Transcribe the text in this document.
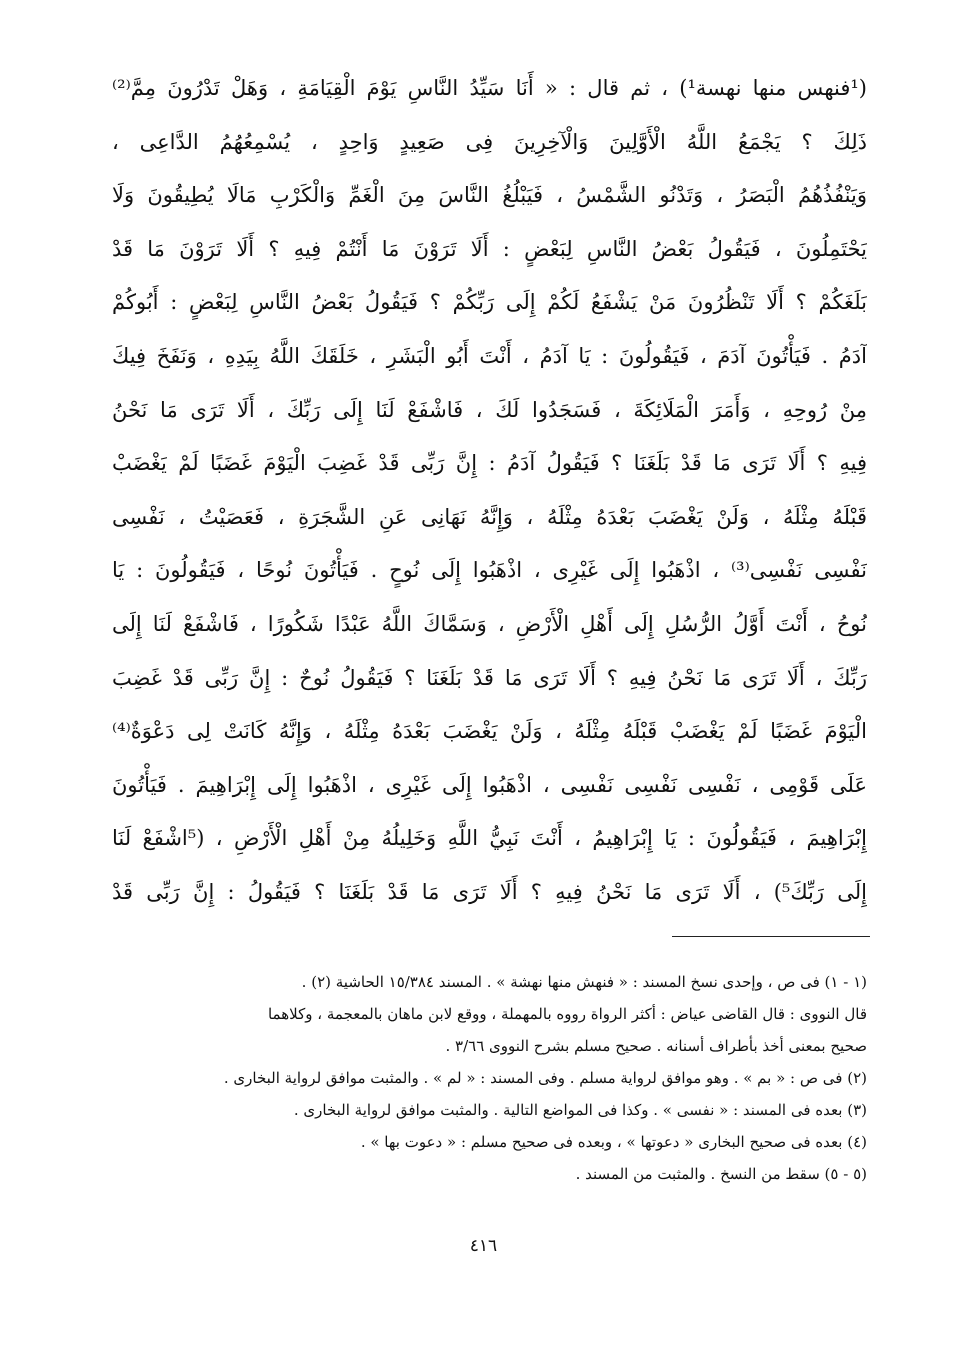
(¹فنهس منها نهسة¹) ، ثم قال : « أَنَا سَيِّدُ النَّاسِ يَوْمَ الْقِيَامَةِ ، وَهَلْ تَدْرُونَ مِمَّ⁽²⁾
ذَلِكَ ؟ يَجْمَعُ اللَّهُ الْأَوَّلِينَ وَالْآخِرِينَ فِى صَعِيدٍ وَاحِدٍ ، يُسْمِعُهُمُ الدَّاعِى ،
وَيَنْفُذُهُمُ الْبَصَرُ ، وَتَدْنُو الشَّمْسُ ، فَيَبْلُغُ النَّاسَ مِنَ الْغَمِّ وَالْكَرْبِ مَالَا يُطِيقُونَ وَلَا
يَحْتَمِلُونَ ، فَيَقُولُ بَعْضُ النَّاسِ لِبَعْضٍ : أَلَا تَرَوْنَ مَا أَنْتُمْ فِيهِ ؟ أَلَا تَرَوْنَ مَا قَدْ
بَلَغَكُمْ ؟ أَلَا تَنْظُرُونَ مَنْ يَشْفَعُ لَكُمْ إِلَى رَبِّكُمْ ؟ فَيَقُولُ بَعْضُ النَّاسِ لِبَعْضٍ : أَبُوكُمْ
آدَمُ . فَيَأْتُونَ آدَمَ ، فَيَقُولُونَ : يَا آدَمُ ، أَنْتَ أَبُو الْبَشَرِ ، خَلَقَكَ اللَّهُ بِيَدِهِ ، وَنَفَخَ فِيكَ
مِنْ رُوحِهِ ، وَأَمَرَ الْمَلَائِكَةَ ، فَسَجَدُوا لَكَ ، فَاشْفَعْ لَنَا إِلَى رَبِّكَ ، أَلَا تَرَى مَا نَحْنُ
فِيهِ ؟ أَلَا تَرَى مَا قَدْ بَلَغَنَا ؟ فَيَقُولُ آدَمُ : إِنَّ رَبِّى قَدْ غَضِبَ الْيَوْمَ غَضَبًا لَمْ يَغْضَبْ
قَبْلَهُ مِثْلَهُ ، وَلَنْ يَغْضَبَ بَعْدَهُ مِثْلَهُ ، وَإِنَّهُ نَهَانِى عَنِ الشَّجَرَةِ ، فَعَصَيْتُ ، نَفْسِى
نَفْسِى نَفْسِى⁽³⁾ ، اذْهَبُوا إِلَى غَيْرِى ، اذْهَبُوا إِلَى نُوحٍ . فَيَأْتُونَ نُوحًا ، فَيَقُولُونَ : يَا
نُوحُ ، أَنْتَ أَوَّلُ الرُّسُلِ إِلَى أَهْلِ الْأَرْضِ ، وَسَمَّاكَ اللَّهُ عَبْدًا شَكُورًا ، فَاشْفَعْ لَنَا إِلَى
رَبِّكَ ، أَلَا تَرَى مَا نَحْنُ فِيهِ ؟ أَلَا تَرَى مَا قَدْ بَلَغَنَا ؟ فَيَقُولُ نُوحٌ : إِنَّ رَبِّى قَدْ غَضِبَ
الْيَوْمَ غَضَبًا لَمْ يَغْضَبْ قَبْلَهُ مِثْلَهُ ، وَلَنْ يَغْضَبَ بَعْدَهُ مِثْلَهُ ، وَإِنَّهُ كَانَتْ لِى دَعْوَةٌ⁽⁴⁾
عَلَى قَوْمِى ، نَفْسِى نَفْسِى نَفْسِى ، اذْهَبُوا إِلَى غَيْرِى ، اذْهَبُوا إِلَى إِبْرَاهِيمَ . فَيَأْتُونَ
إِبْرَاهِيمَ ، فَيَقُولُونَ : يَا إِبْرَاهِيمُ ، أَنْتَ نَبِيُّ اللَّهِ وَخَلِيلُهُ مِنْ أَهْلِ الْأَرْضِ ، (⁵اشْفَعْ لَنَا
إِلَى رَبِّكَ⁵) ، أَلَا تَرَى مَا نَحْنُ فِيهِ ؟ أَلَا تَرَى مَا قَدْ بَلَغَنَا ؟ فَيَقُولُ : إِنَّ رَبِّى قَدْ
(١ - ١) فى ص ، وإحدى نسخ المسند : « فنهش منها نهشة » . المسند ١٥/٣٨٤ الحاشية (٢) .
قال النووى : قال القاضى عياض : أكثر الرواة رووه بالمهملة ، ووقع لابن ماهان بالمعجمة ، وكلاهما
صحيح بمعنى أخذ بأطراف أسنانه . صحيح مسلم بشرح النووى ٣/٦٦ .
(٢) فى ص : « بم » . وهو موافق لرواية مسلم . وفى المسند : « لم » . والمثبت موافق لرواية البخارى .
(٣) بعده فى المسند : « نفسى » . وكذا فى المواضع التالية . والمثبت موافق لرواية البخارى .
(٤) بعده فى صحيح البخارى « دعوتها » ، وبعده فى صحيح مسلم : « دعوت بها » .
(٥ - ٥) سقط من النسخ . والمثبت من المسند .
٤١٦
